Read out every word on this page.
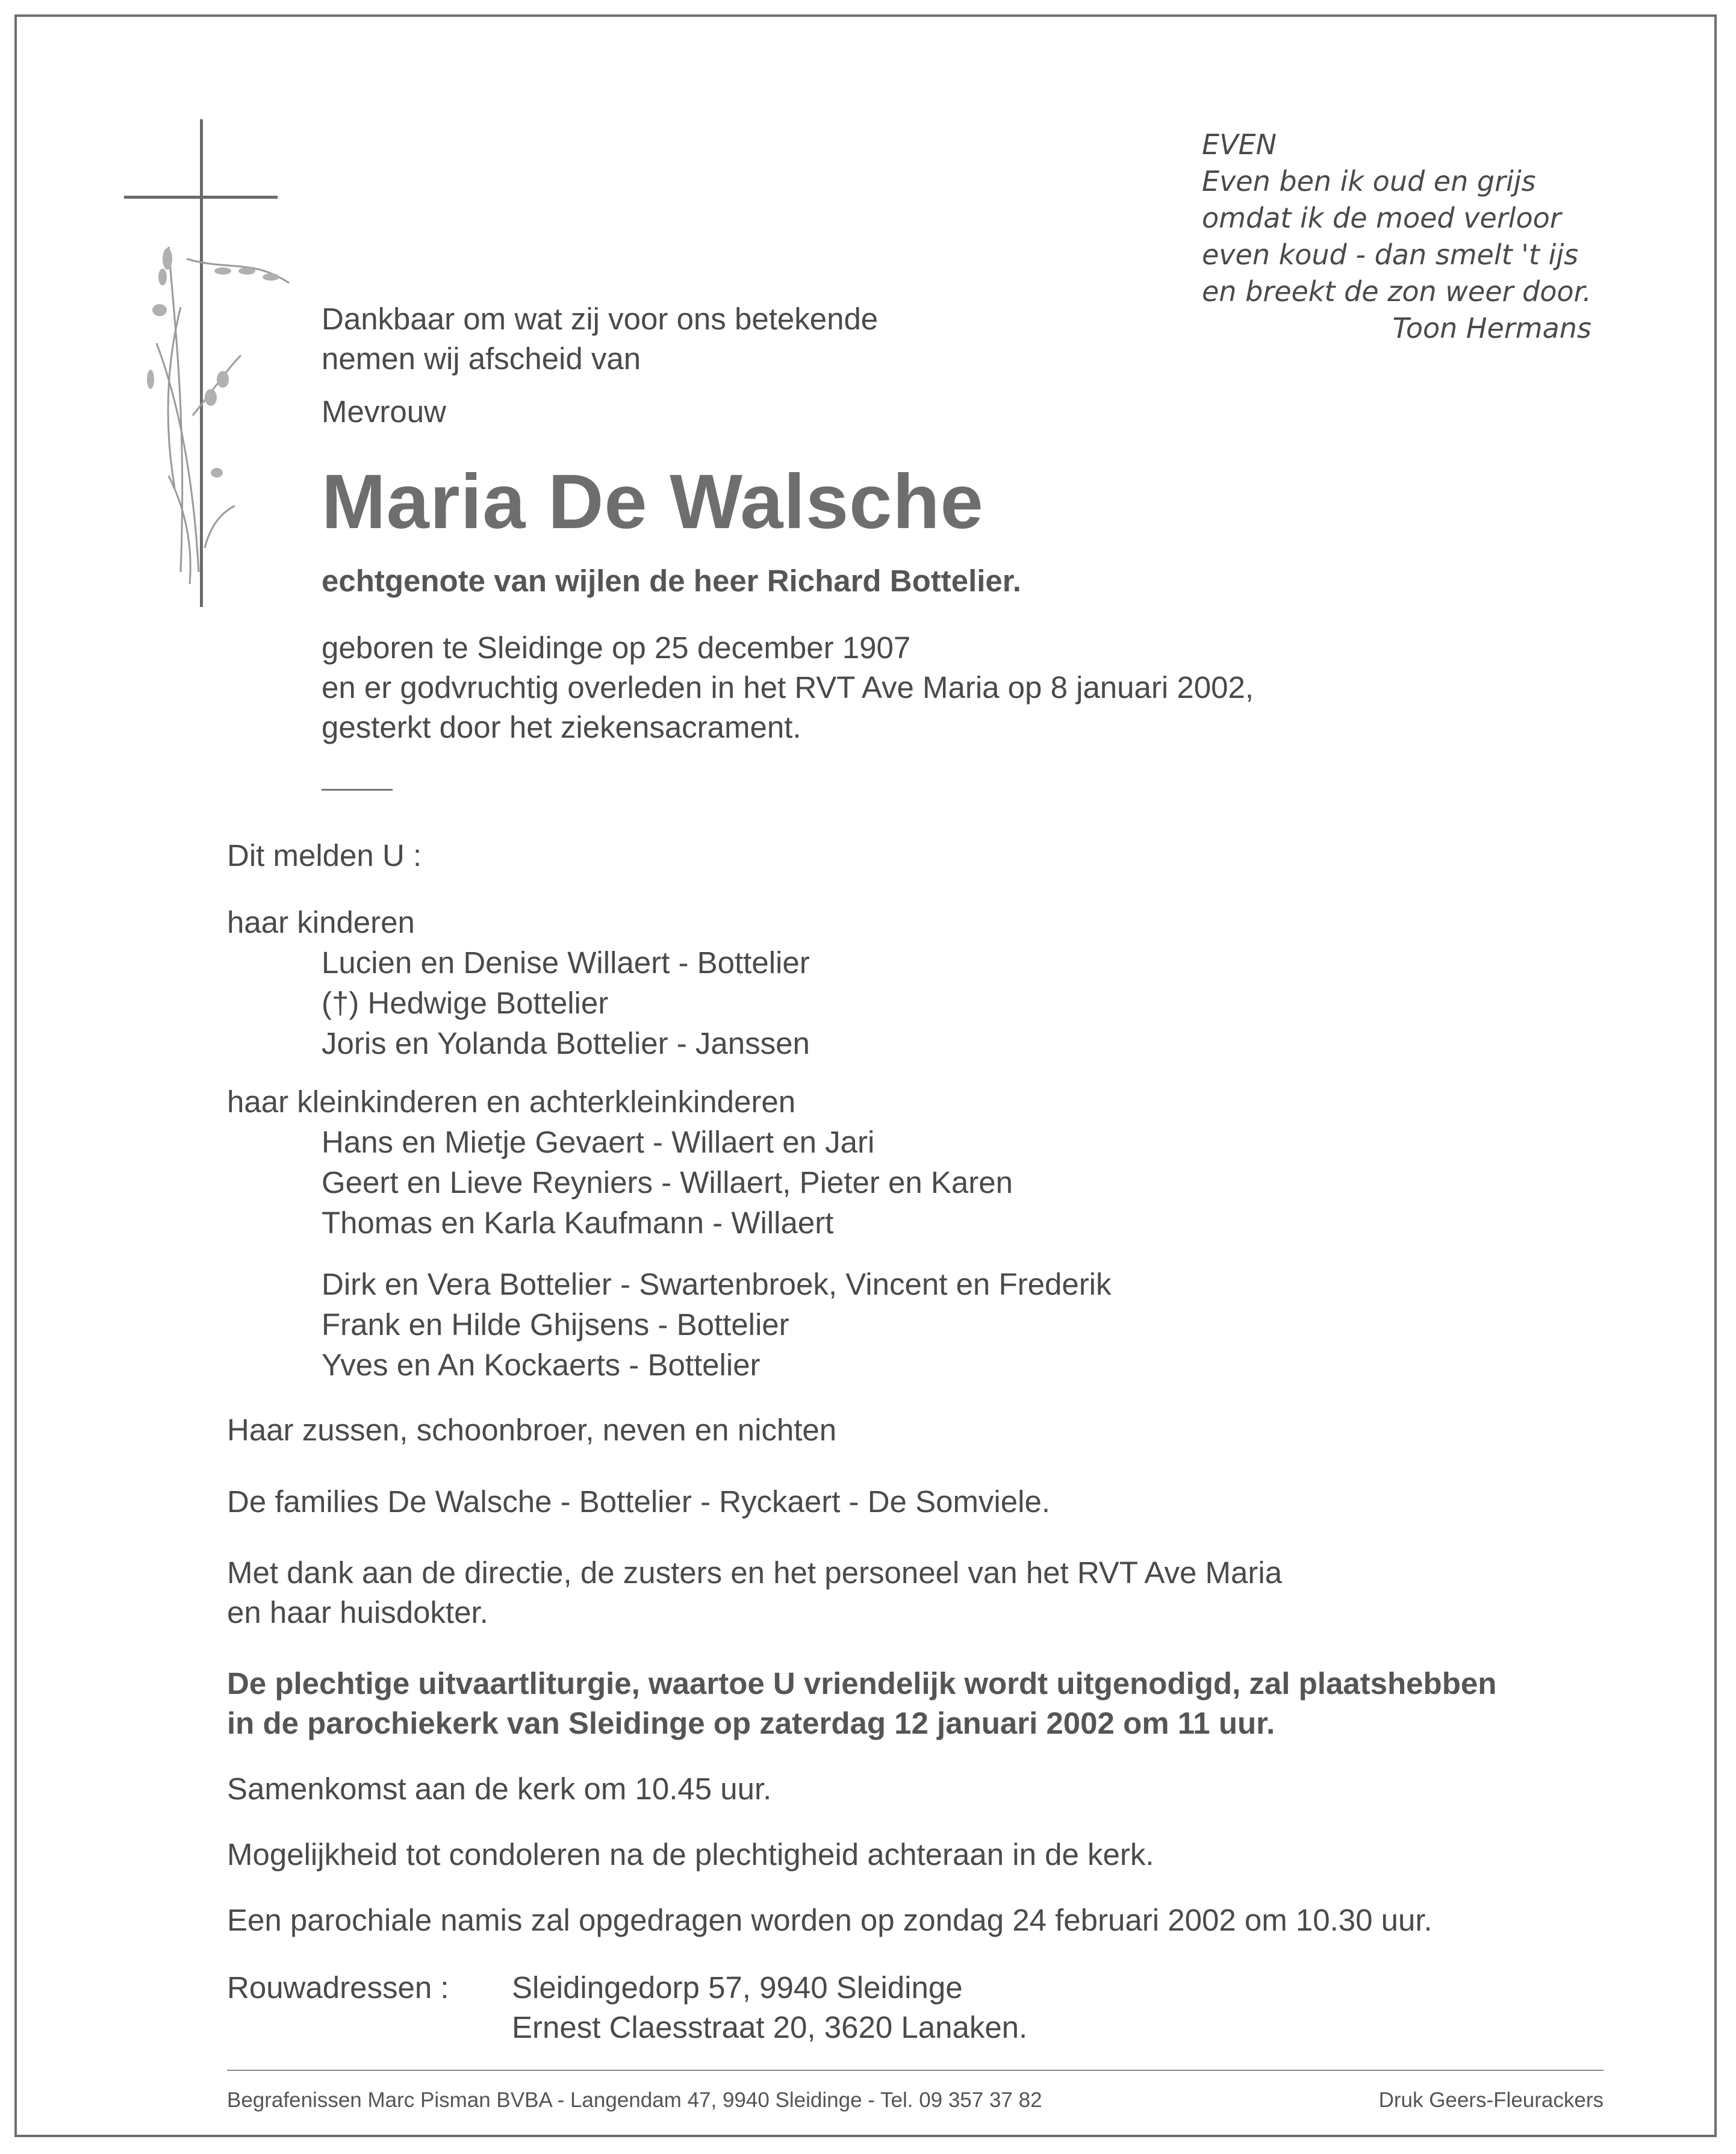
EVEN
Even ben ik oud en grijs
omdat ik de moed verloor
even koud - dan smelt 't ijs
en breekt de zon weer door.
Toon Hermans
Dankbaar om wat zij voor ons betekende
nemen wij afscheid van
Mevrouw
Maria De Walsche
echtgenote van wijlen de heer Richard Bottelier.
geboren te Sleidinge op 25 december 1907
en er godvruchtig overleden in het RVT Ave Maria op 8 januari 2002,
gesterkt door het ziekensacrament.
Dit melden U :
haar kinderen
Lucien en Denise Willaert - Bottelier
(†) Hedwige Bottelier
Joris en Yolanda Bottelier - Janssen
haar kleinkinderen en achterkleinkinderen
Hans en Mietje Gevaert - Willaert en Jari
Geert en Lieve Reyniers - Willaert, Pieter en Karen
Thomas en Karla Kaufmann - Willaert
Dirk en Vera Bottelier - Swartenbroek, Vincent en Frederik
Frank en Hilde Ghijsens - Bottelier
Yves en An Kockaerts - Bottelier
Haar zussen, schoonbroer, neven en nichten
De families De Walsche - Bottelier - Ryckaert - De Somviele.
Met dank aan de directie, de zusters en het personeel van het RVT Ave Maria
en haar huisdokter.
De plechtige uitvaartliturgie, waartoe U vriendelijk wordt uitgenodigd, zal plaatshebben
in de parochiekerk van Sleidinge op zaterdag 12 januari 2002 om 11 uur.
Samenkomst aan de kerk om 10.45 uur.
Mogelijkheid tot condoleren na de plechtigheid achteraan in de kerk.
Een parochiale namis zal opgedragen worden op zondag 24 februari 2002 om 10.30 uur.
Rouwadressen : Sleidingedorp 57, 9940 Sleidinge
Ernest Claesstraat 20, 3620 Lanaken.
Begrafenissen Marc Pisman BVBA - Langendam 47, 9940 Sleidinge - Tel. 09 357 37 82	Druk Geers-Fleurackers
